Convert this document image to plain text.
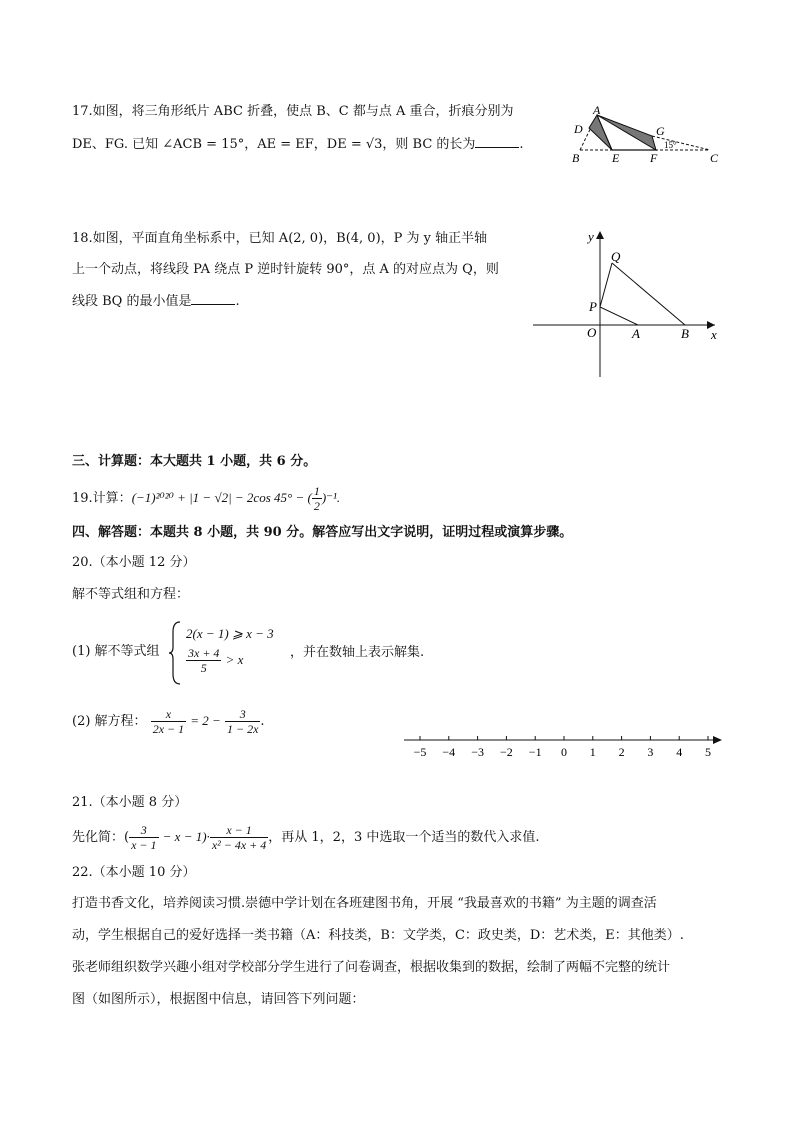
17.如图，将三角形纸片 ABC 折叠，使点 B、C 都与点 A 重合，折痕分别为
DE、FG. 已知 ∠ACB = 15°，AE = EF，DE = √3，则 BC 的长为	.
A
D	G
B	E	F	C
15°
18.如图，平面直角坐标系中，已知 A(2, 0)，B(4, 0)，P 为 y 轴正半轴
上一个动点，将线段 PA 绕点 P 逆时针旋转 90°，点 A 的对应点为 Q，则
线段 BQ 的最小值是	.
y
x
Q
P
O	A	B
三、计算题：本大题共 1 小题，共 6 分。
19.计算：(−1)²⁰²⁰ + |1 − √2| − 2cos 45° − ( $\frac{1}{2} )^{-1}$.
四、解答题：本题共 8 小题，共 90 分。解答应写出文字说明，证明过程或演算步骤。
20.（本小题 12 分）
解不等式组和方程：
(1) 解不等式组
2(x − 1) ⩾ x − 3
$\frac{3x + 4}{5} > x$	，并在数轴上表示解集.
(2) 解方程： $\frac{x}{2x - 1} = 2 - \frac{3}{1 - 2x}$ .
−5 −4 −3 −2 −1 0 1 2 3 4 5
21.（本小题 8 分）
先化简：( $\frac{3}{x - 1} - x - 1)\cdot \frac{x - 1}{\text{x² − 4x + 4}}$ ，再从 1，2，3 中选取一个适当的数代入求值.
22.（本小题 10 分）
打造书香文化，培养阅读习惯.崇德中学计划在各班建图书角，开展 “我最喜欢的书籍” 为主题的调查活
动，学生根据自己的爱好选择一类书籍（A：科技类，B：文学类，C：政史类，D：艺术类，E：其他类）.
张老师组织数学兴趣小组对学校部分学生进行了问卷调查，根据收集到的数据，绘制了两幅不完整的统计
图（如图所示），根据图中信息，请回答下列问题：
